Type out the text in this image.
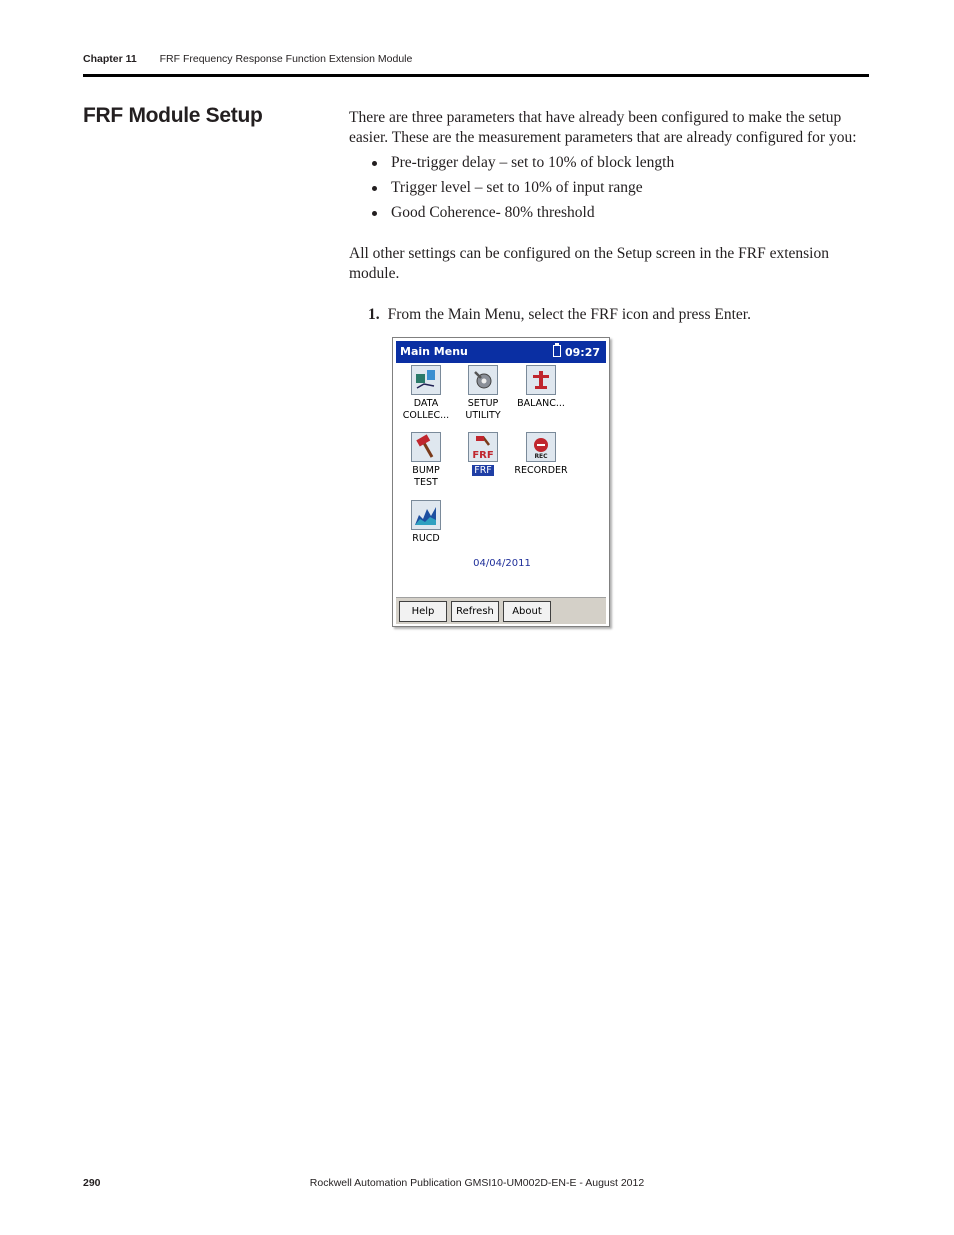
Chapter 11 FRF Frequency Response Function Extension Module
FRF Module Setup	There are three parameters that have already been configured to make the setup easier. These are the measurement parameters that are already configured for you:
Pre-trigger delay – set to 10% of block length
Trigger level – set to 10% of input range
Good Coherence- 80% threshold
All other settings can be configured on the Setup screen in the FRF extension module.
1. From the Main Menu, select the FRF icon and press Enter.
Main Menu	09:27
DATA
COLLEC...
SETUP
UTILITY
BALANC...
BUMP
TEST
FRF
FRF
REC
RECORDER
RUCD
04/04/2011
Help	Refresh	About
290	Rockwell Automation Publication GMSI10-UM002D-EN-E - August 2012
